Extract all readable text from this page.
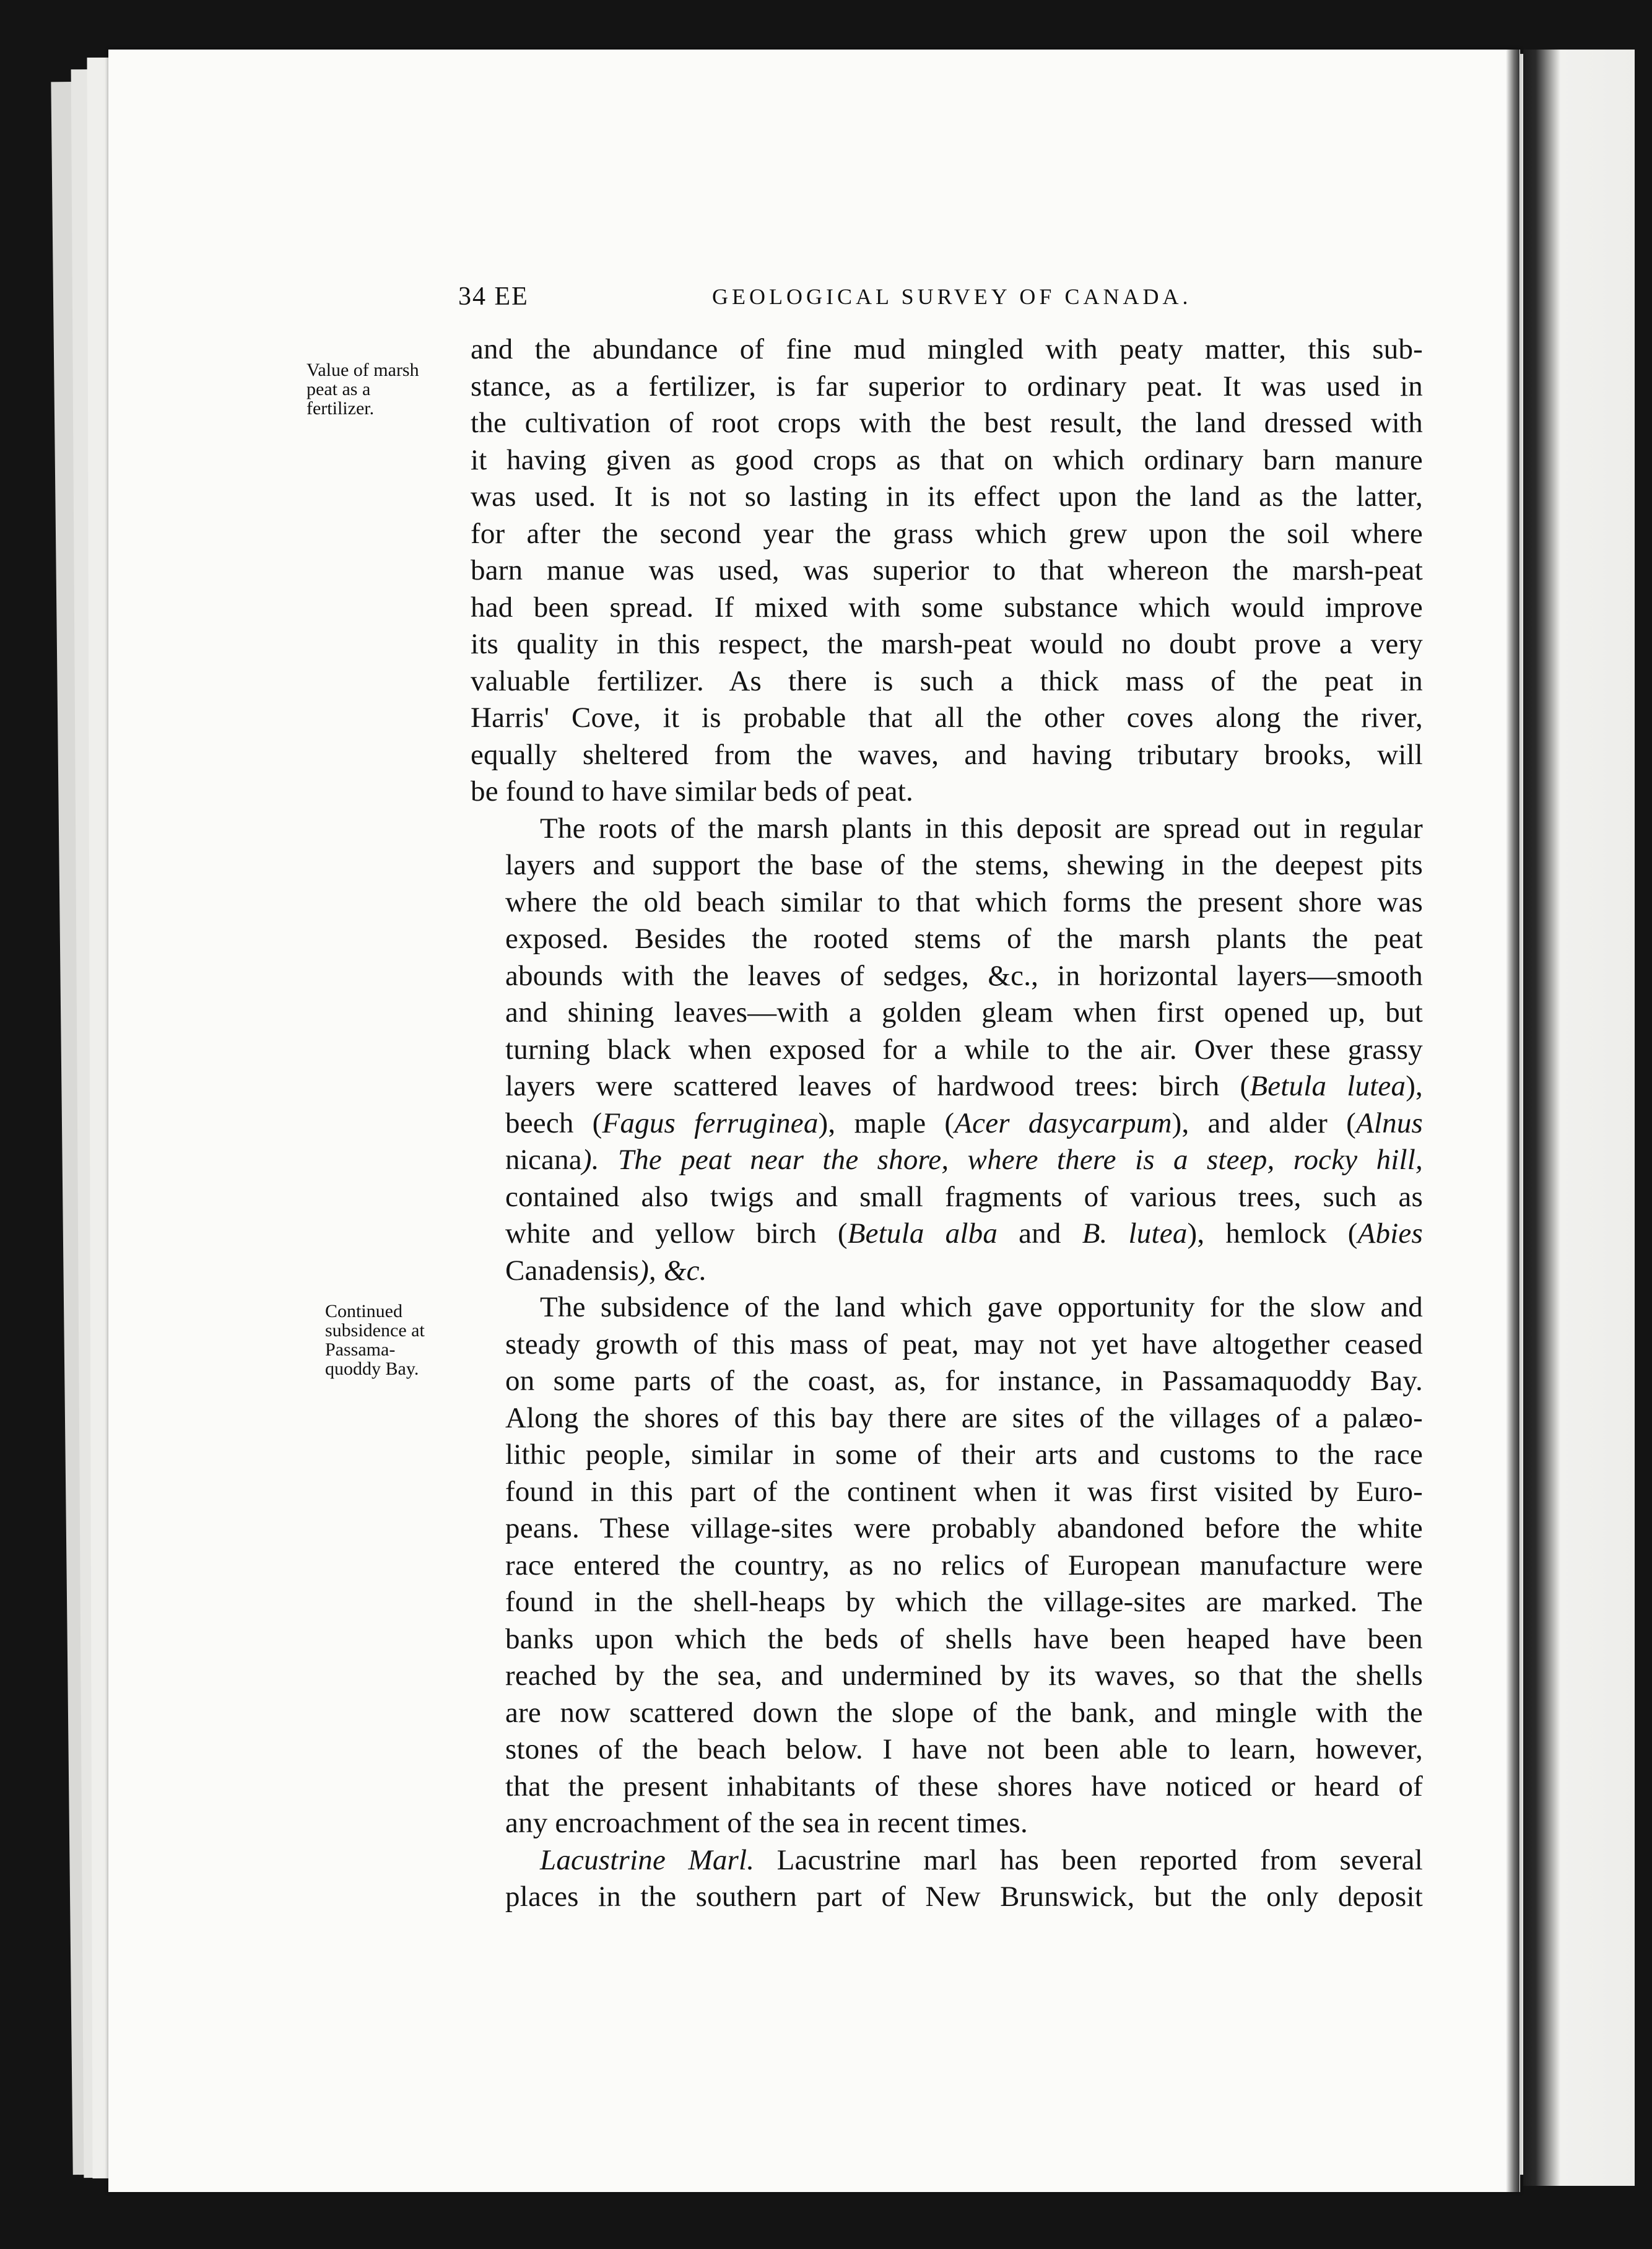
34 EE	GEOLOGICAL SURVEY OF CANADA.
Value of marsh
peat as a
fertilizer.
Continued
subsidence at
Passama-
quoddy Bay.
and the abundance of fine mud mingled with peaty matter, this sub-
stance, as a fertilizer, is far superior to ordinary peat. It was used in
the cultivation of root crops with the best result, the land dressed with
it having given as good crops as that on which ordinary barn manure
was used. It is not so lasting in its effect upon the land as the latter,
for after the second year the grass which grew upon the soil where
barn manue was used, was superior to that whereon the marsh-peat
had been spread. If mixed with some substance which would improve
its quality in this respect, the marsh-peat would no doubt prove a very
valuable fertilizer. As there is such a thick mass of the peat in
Harris' Cove, it is probable that all the other coves along the river,
equally sheltered from the waves, and having tributary brooks, will
be found to have similar beds of peat.
The roots of the marsh plants in this deposit are spread out in regular
layers and support the base of the stems, shewing in the deepest pits
where the old beach similar to that which forms the present shore was
exposed. Besides the rooted stems of the marsh plants the peat
abounds with the leaves of sedges, &c., in horizontal layers—smooth
and shining leaves—with a golden gleam when first opened up, but
turning black when exposed for a while to the air. Over these grassy
layers were scattered leaves of hardwood trees: birch (Betula lutea),
beech (Fagus ferruginea), maple (Acer dasycarpum), and alder (Alnus
nicana). The peat near the shore, where there is a steep, rocky hill,
contained also twigs and small fragments of various trees, such as
white and yellow birch (Betula alba and B. lutea), hemlock (Abies
Canadensis), &c.
The subsidence of the land which gave opportunity for the slow and
steady growth of this mass of peat, may not yet have altogether ceased
on some parts of the coast, as, for instance, in Passamaquoddy Bay.
Along the shores of this bay there are sites of the villages of a palæo-
lithic people, similar in some of their arts and customs to the race
found in this part of the continent when it was first visited by Euro-
peans. These village-sites were probably abandoned before the white
race entered the country, as no relics of European manufacture were
found in the shell-heaps by which the village-sites are marked. The
banks upon which the beds of shells have been heaped have been
reached by the sea, and undermined by its waves, so that the shells
are now scattered down the slope of the bank, and mingle with the
stones of the beach below. I have not been able to learn, however,
that the present inhabitants of these shores have noticed or heard of
any encroachment of the sea in recent times.
Lacustrine Marl. Lacustrine marl has been reported from several
places in the southern part of New Brunswick, but the only deposit
